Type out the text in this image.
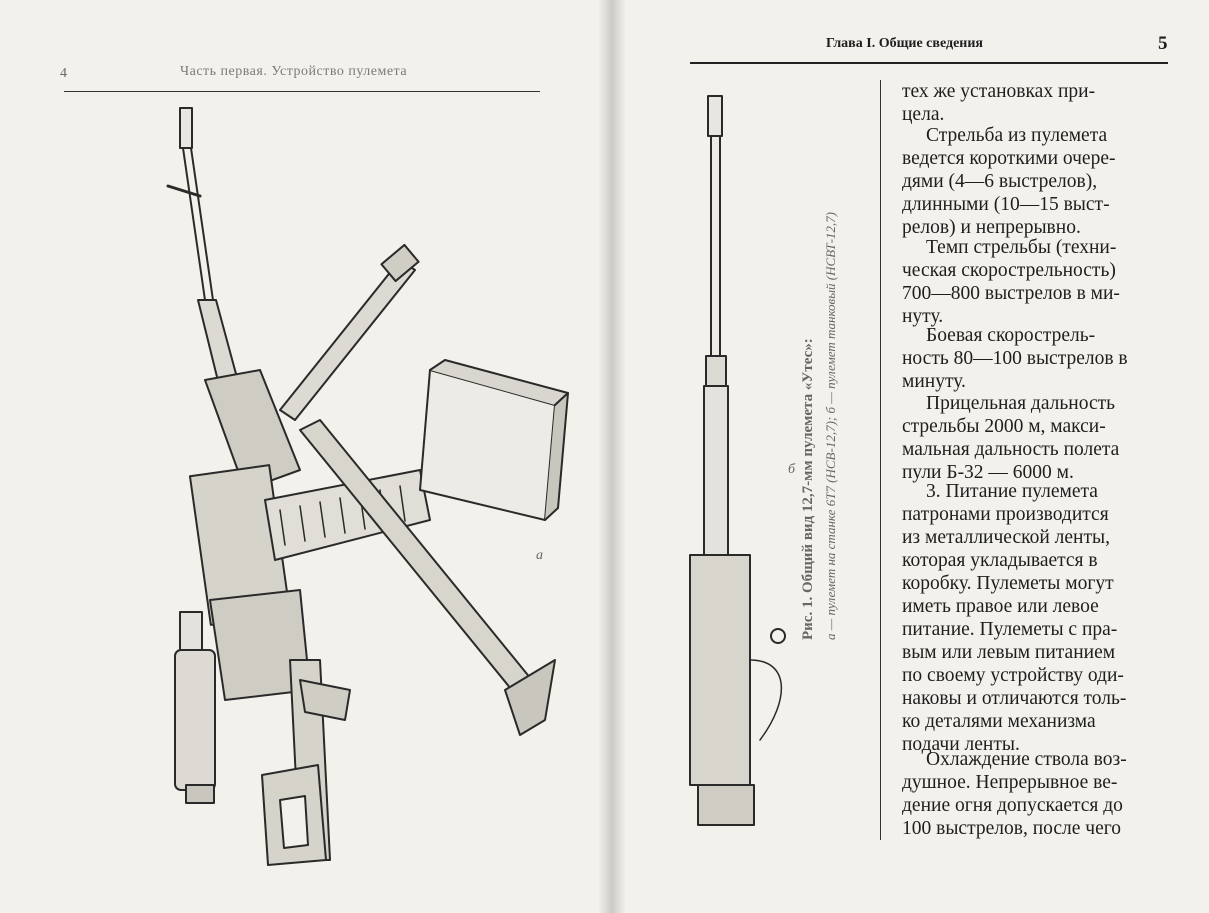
4	Часть первая. Устройство пулемета
Глава I. Общие сведения	5
а
б Рис. 1. Общий вид 12,7-мм пулемета «Утес»: а — пулемет на станке 6Т7 (НСВ-12,7); б — пулемет танковый (НСВТ-12,7)
тех же установках при-
цела.
Стрельба из пулемета
ведется короткими очере-
дями (4—6 выстрелов),
длинными (10—15 выст-
релов) и непрерывно.
Темп стрельбы (техни-
ческая скорострельность)
700—800 выстрелов в ми-
нуту.
Боевая скорострель-
ность 80—100 выстрелов в
минуту.
Прицельная дальность
стрельбы 2000 м, макси-
мальная дальность полета
пули Б-32 — 6000 м.
3. Питание пулемета
патронами производится
из металлической ленты,
которая укладывается в
коробку. Пулеметы могут
иметь правое или левое
питание. Пулеметы с пра-
вым или левым питанием
по своему устройству оди-
наковы и отличаются толь-
ко деталями механизма
подачи ленты.
Охлаждение ствола воз-
душное. Непрерывное ве-
дение огня допускается до
100 выстрелов, после чего
